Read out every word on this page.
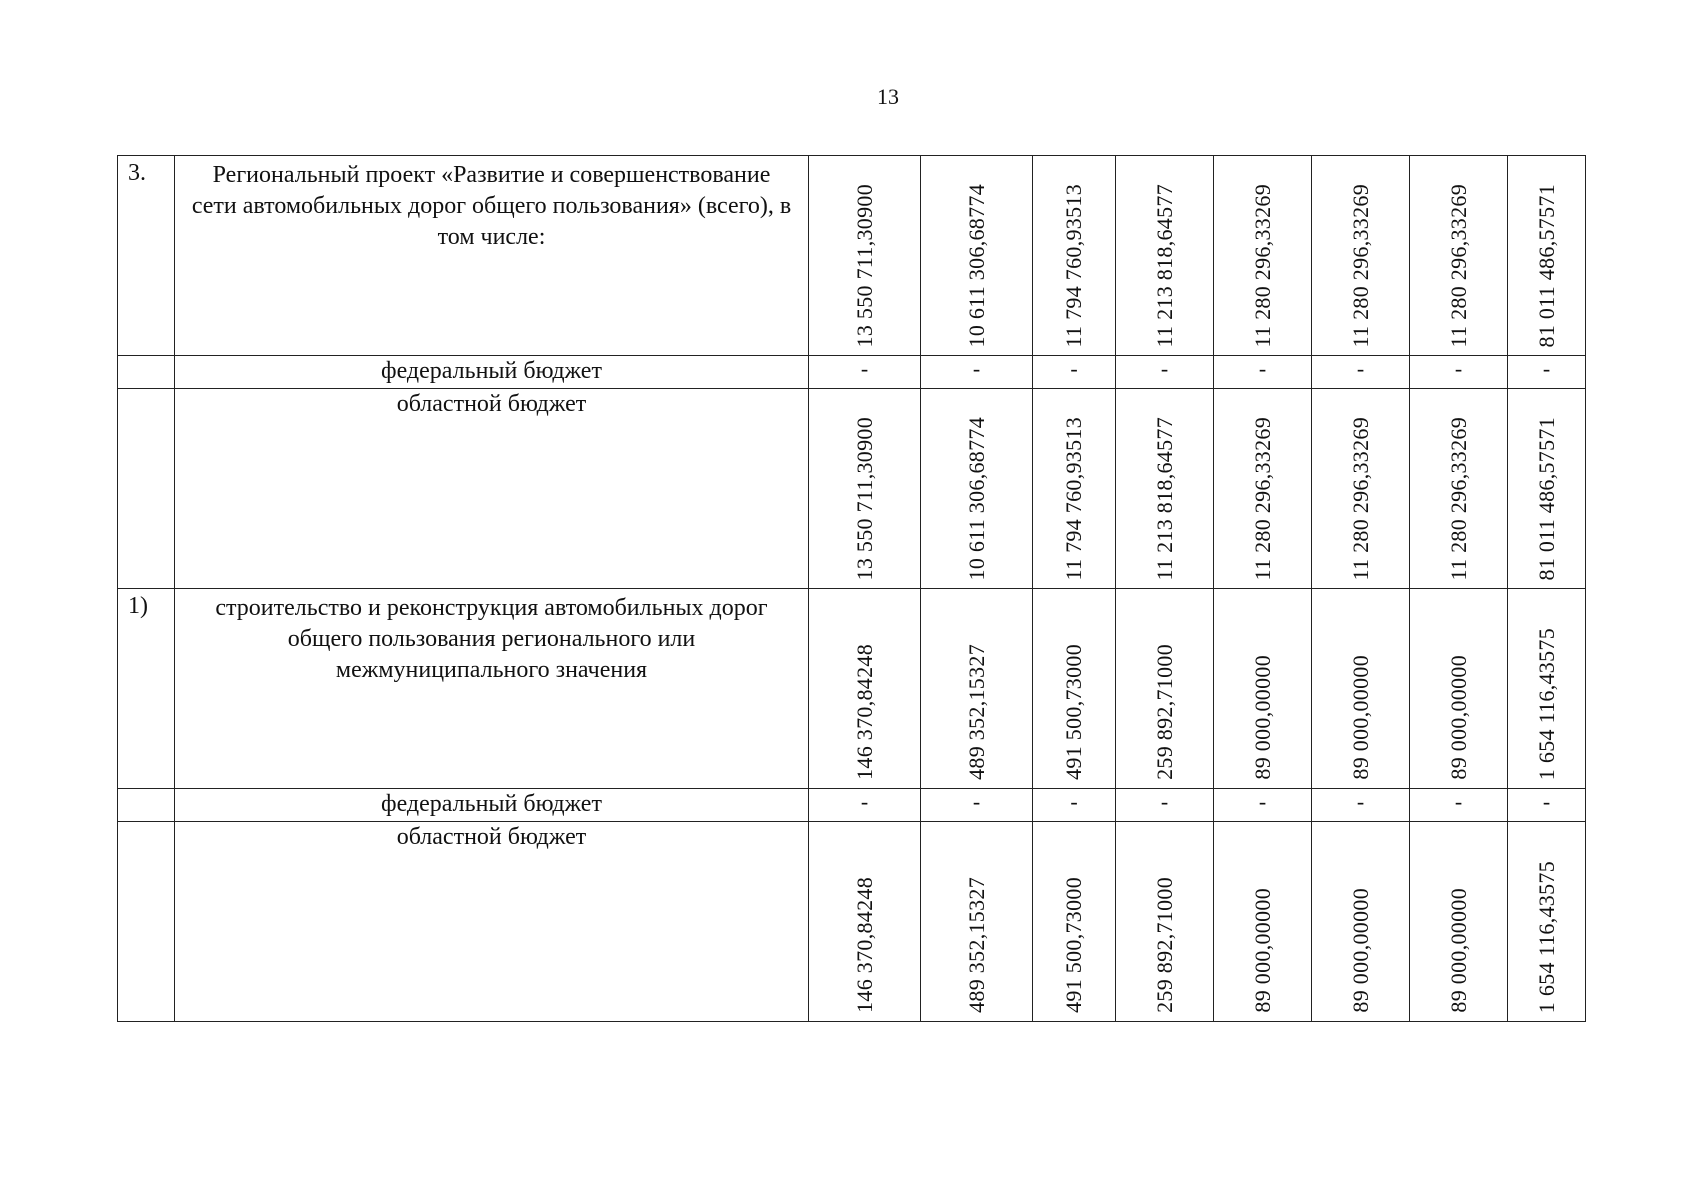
13
3.	Региональный проект «Развитие и совершенствование сети автомобильных дорог общего пользования» (всего), в том числе:	13 550 711,30900	10 611 306,68774	11 794 760,93513	11 213 818,64577	11 280 296,33269	11 280 296,33269	11 280 296,33269	81 011 486,57571

	федеральный бюджет	-	-	-	-	-	-	-	-
	областной бюджет	13 550 711,30900	10 611 306,68774	11 794 760,93513	11 213 818,64577	11 280 296,33269	11 280 296,33269	11 280 296,33269	81 011 486,57571

1)	строительство и реконструкция автомобильных дорог общего пользования регионального или межмуниципального значения	146 370,84248	489 352,15327	491 500,73000	259 892,71000	89 000,00000	89 000,00000	89 000,00000	1 654 116,43575

	федеральный бюджет	-	-	-	-	-	-	-	-
	областной бюджет	146 370,84248	489 352,15327	491 500,73000	259 892,71000	89 000,00000	89 000,00000	89 000,00000	1 654 116,43575
